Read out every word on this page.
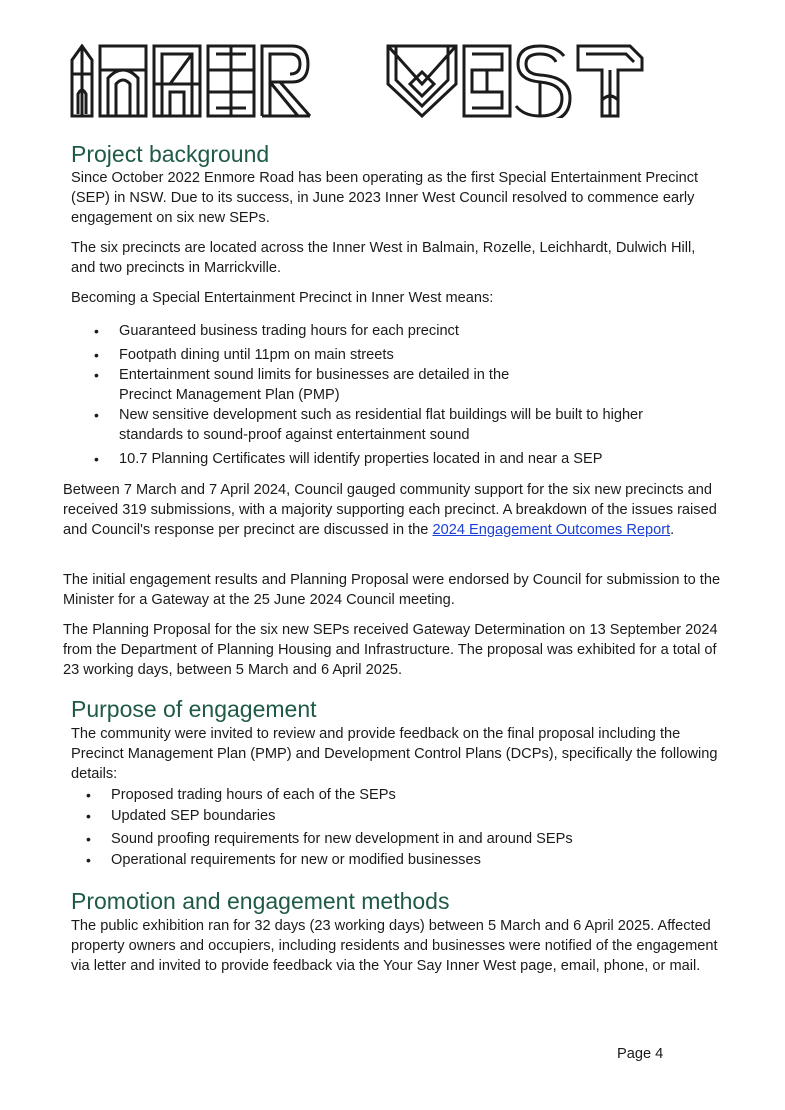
Project background

Since October 2022 Enmore Road has been operating as the first Special Entertainment Precinct (SEP) in NSW. Due to its success, in June 2023 Inner West Council resolved to commence early engagement on six new SEPs.

The six precincts are located across the Inner West in Balmain, Rozelle, Leichhardt, Dulwich Hill, and two precincts in Marrickville.

Becoming a Special Entertainment Precinct in Inner West means:

• Guaranteed business trading hours for each precinct
• Footpath dining until 11pm on main streets
• Entertainment sound limits for businesses are detailed in the Precinct Management Plan (PMP)
• New sensitive development such as residential flat buildings will be built to higher standards to sound-proof against entertainment sound
• 10.7 Planning Certificates will identify properties located in and near a SEP

Between 7 March and 7 April 2024, Council gauged community support for the six new precincts and received 319 submissions, with a majority supporting each precinct. A breakdown of the issues raised and Council's response per precinct are discussed in the 2024 Engagement Outcomes Report.

The initial engagement results and Planning Proposal were endorsed by Council for submission to the Minister for a Gateway at the 25 June 2024 Council meeting.

The Planning Proposal for the six new SEPs received Gateway Determination on 13 September 2024 from the Department of Planning Housing and Infrastructure. The proposal was exhibited for a total of 23 working days, between 5 March and 6 April 2025.

Purpose of engagement

The community were invited to review and provide feedback on the final proposal including the Precinct Management Plan (PMP) and Development Control Plans (DCPs), specifically the following details:

• Proposed trading hours of each of the SEPs
• Updated SEP boundaries
• Sound proofing requirements for new development in and around SEPs
• Operational requirements for new or modified businesses
Promotion and engagement methods

The public exhibition ran for 32 days (23 working days) between 5 March and 6 April 2025. Affected property owners and occupiers, including residents and businesses were notified of the engagement via letter and invited to provide feedback via the Your Say Inner West page, email, phone, or mail.

Page 4
